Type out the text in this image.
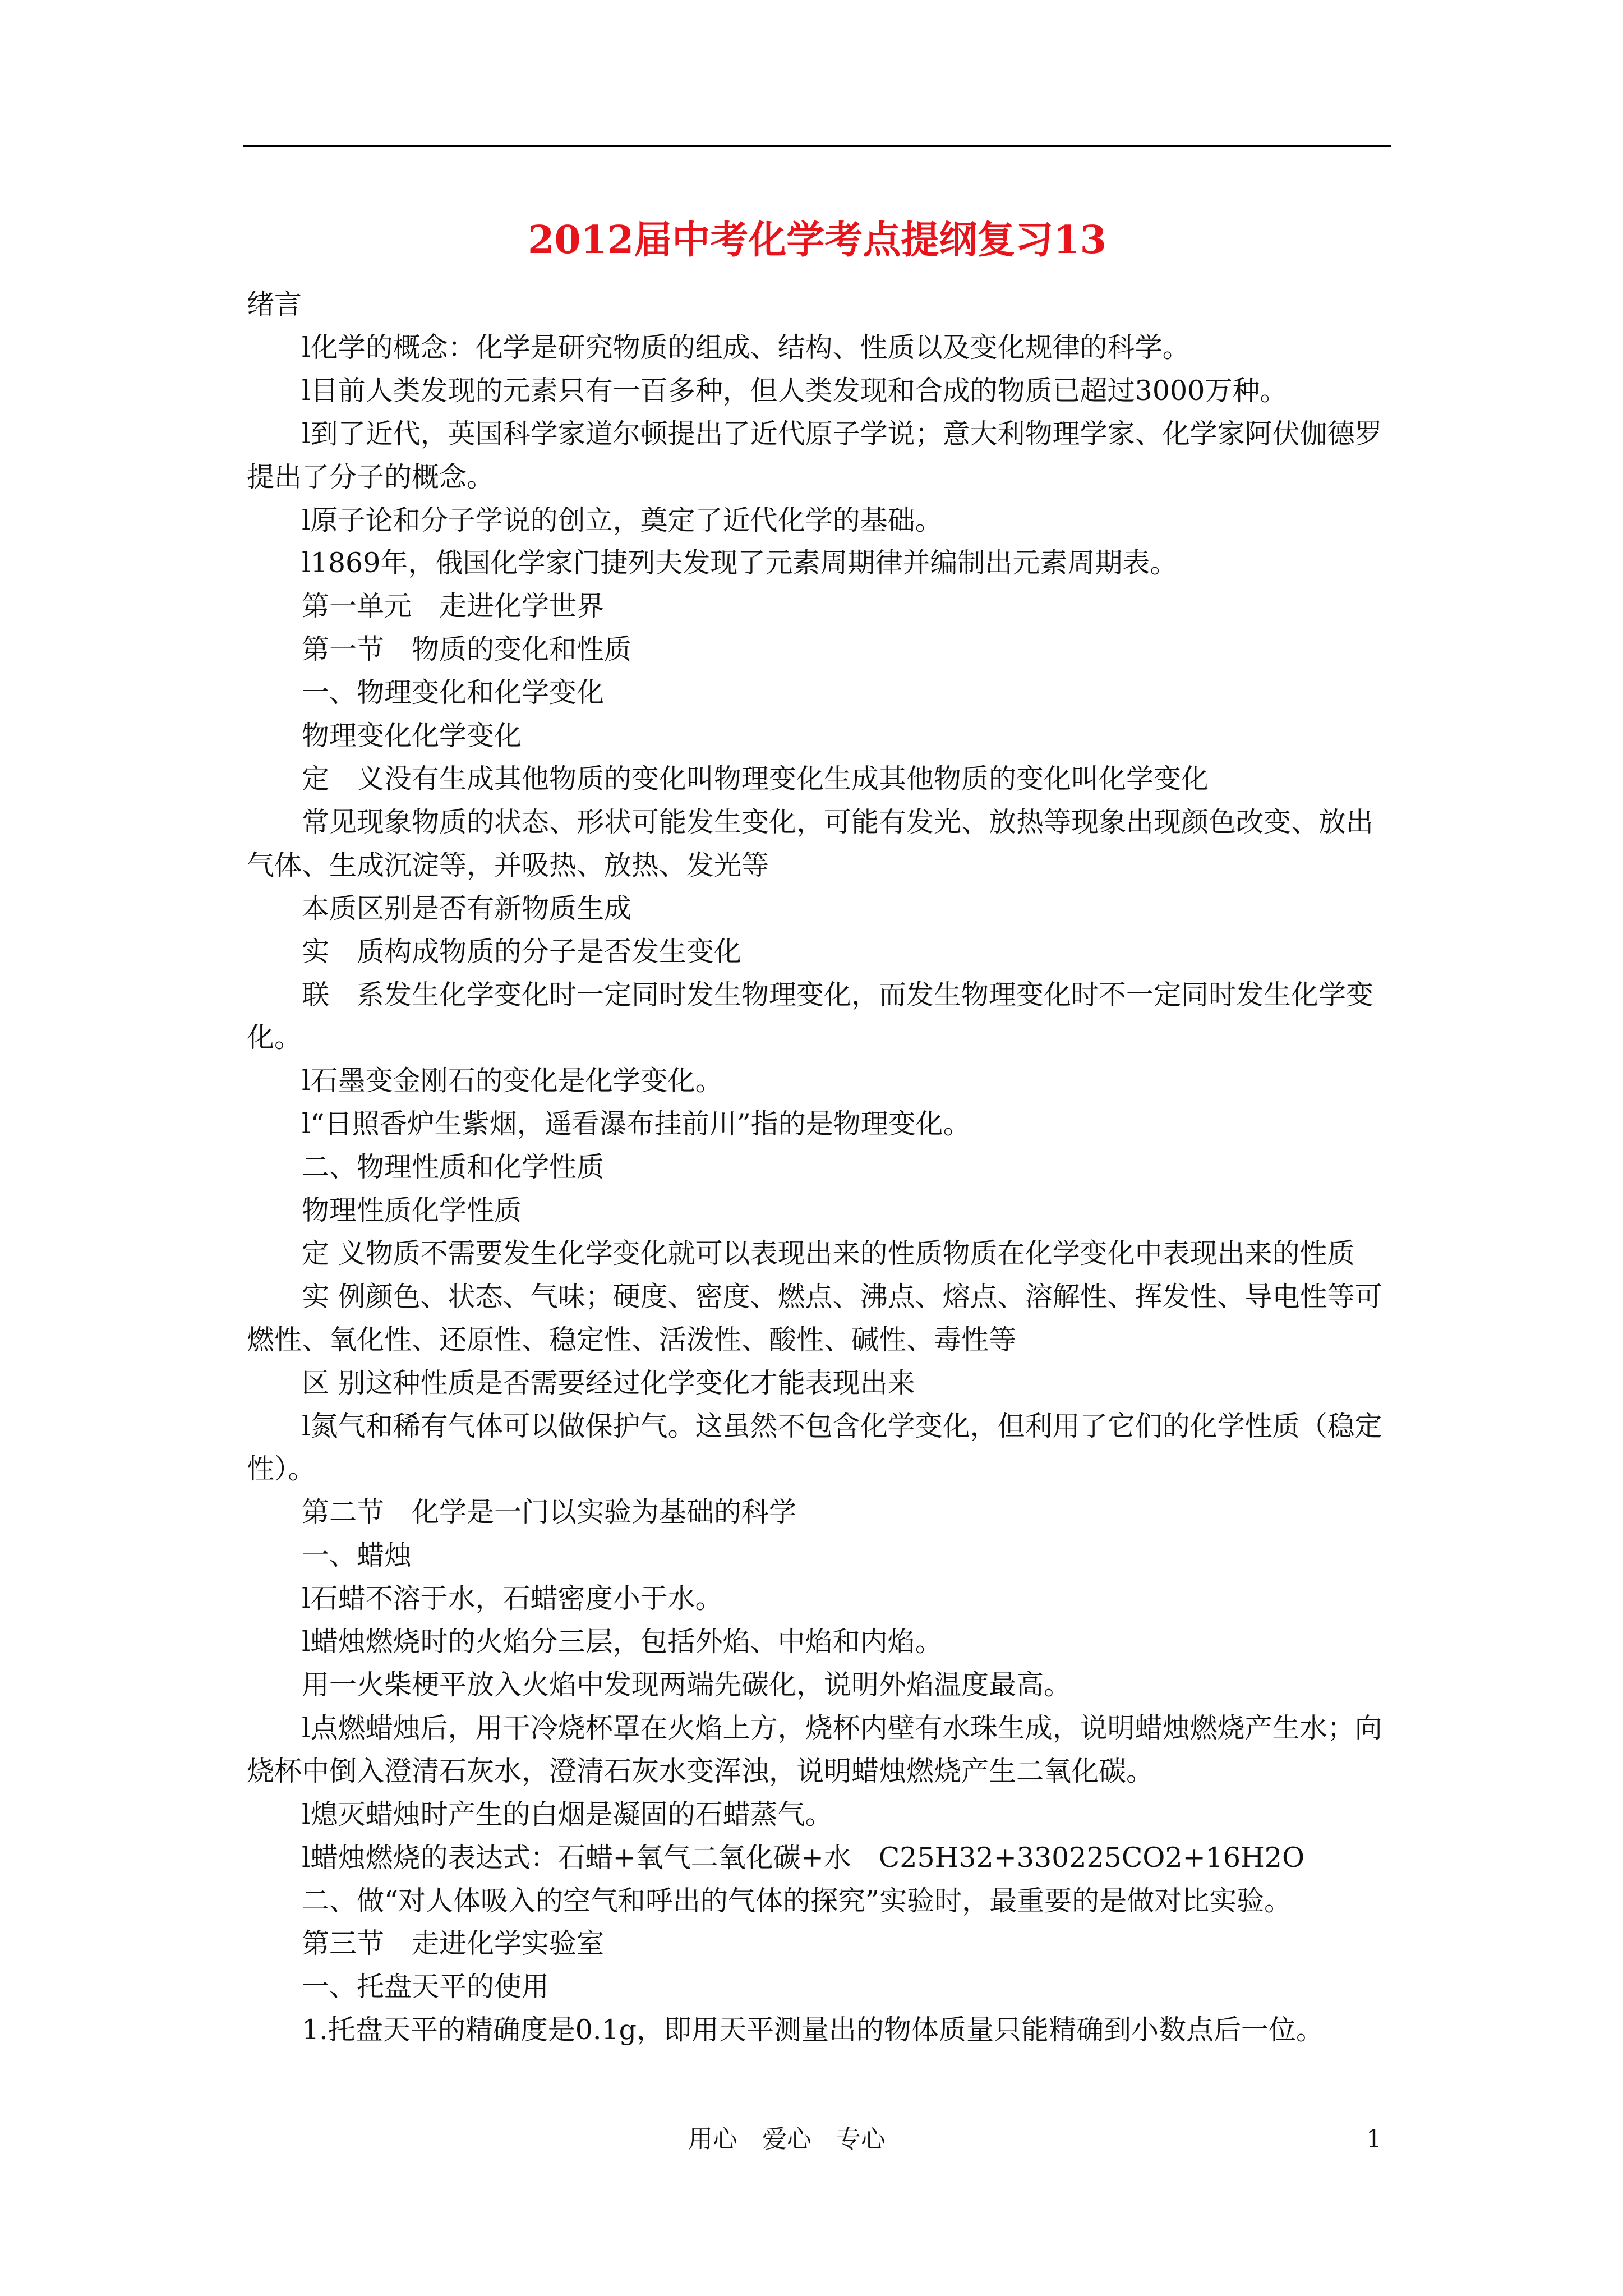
2012届中考化学考点提纲复习13

绪言

l化学的概念：化学是研究物质的组成、结构、性质以及变化规律的科学。

l目前人类发现的元素只有一百多种，但人类发现和合成的物质已超过3000万种。

l到了近代，英国科学家道尔顿提出了近代原子学说；意大利物理学家、化学家阿伏伽德罗提出了分子的概念。

l原子论和分子学说的创立，奠定了近代化学的基础。

l1869年，俄国化学家门捷列夫发现了元素周期律并编制出元素周期表。

第一单元　走进化学世界

第一节　物质的变化和性质

一、物理变化和化学变化

物理变化化学变化

定　义没有生成其他物质的变化叫物理变化生成其他物质的变化叫化学变化

常见现象物质的状态、形状可能发生变化，可能有发光、放热等现象出现颜色改变、放出气体、生成沉淀等，并吸热、放热、发光等

本质区别是否有新物质生成

实　质构成物质的分子是否发生变化

联　系发生化学变化时一定同时发生物理变化，而发生物理变化时不一定同时发生化学变化。

l石墨变金刚石的变化是化学变化。

l“日照香炉生紫烟，遥看瀑布挂前川”指的是物理变化。

二、物理性质和化学性质

物理性质化学性质

定 义物质不需要发生化学变化就可以表现出来的性质物质在化学变化中表现出来的性质

实 例颜色、状态、气味；硬度、密度、燃点、沸点、熔点、溶解性、挥发性、导电性等可燃性、氧化性、还原性、稳定性、活泼性、酸性、碱性、毒性等

区 别这种性质是否需要经过化学变化才能表现出来

l氮气和稀有气体可以做保护气。这虽然不包含化学变化，但利用了它们的化学性质（稳定性）。

第二节　化学是一门以实验为基础的科学

一、蜡烛

l石蜡不溶于水，石蜡密度小于水。

l蜡烛燃烧时的火焰分三层，包括外焰、中焰和内焰。

用一火柴梗平放入火焰中发现两端先碳化，说明外焰温度最高。

l点燃蜡烛后，用干冷烧杯罩在火焰上方，烧杯内壁有水珠生成，说明蜡烛燃烧产生水；向烧杯中倒入澄清石灰水，澄清石灰水变浑浊，说明蜡烛燃烧产生二氧化碳。

l熄灭蜡烛时产生的白烟是凝固的石蜡蒸气。

l蜡烛燃烧的表达式：石蜡+氧气二氧化碳+水　C25H32+330225CO2+16H2O

二、做“对人体吸入的空气和呼出的气体的探究”实验时，最重要的是做对比实验。

第三节　走进化学实验室

一、托盘天平的使用

1.托盘天平的精确度是0.1g，即用天平测量出的物体质量只能精确到小数点后一位。

用心　爱心　专心	1
